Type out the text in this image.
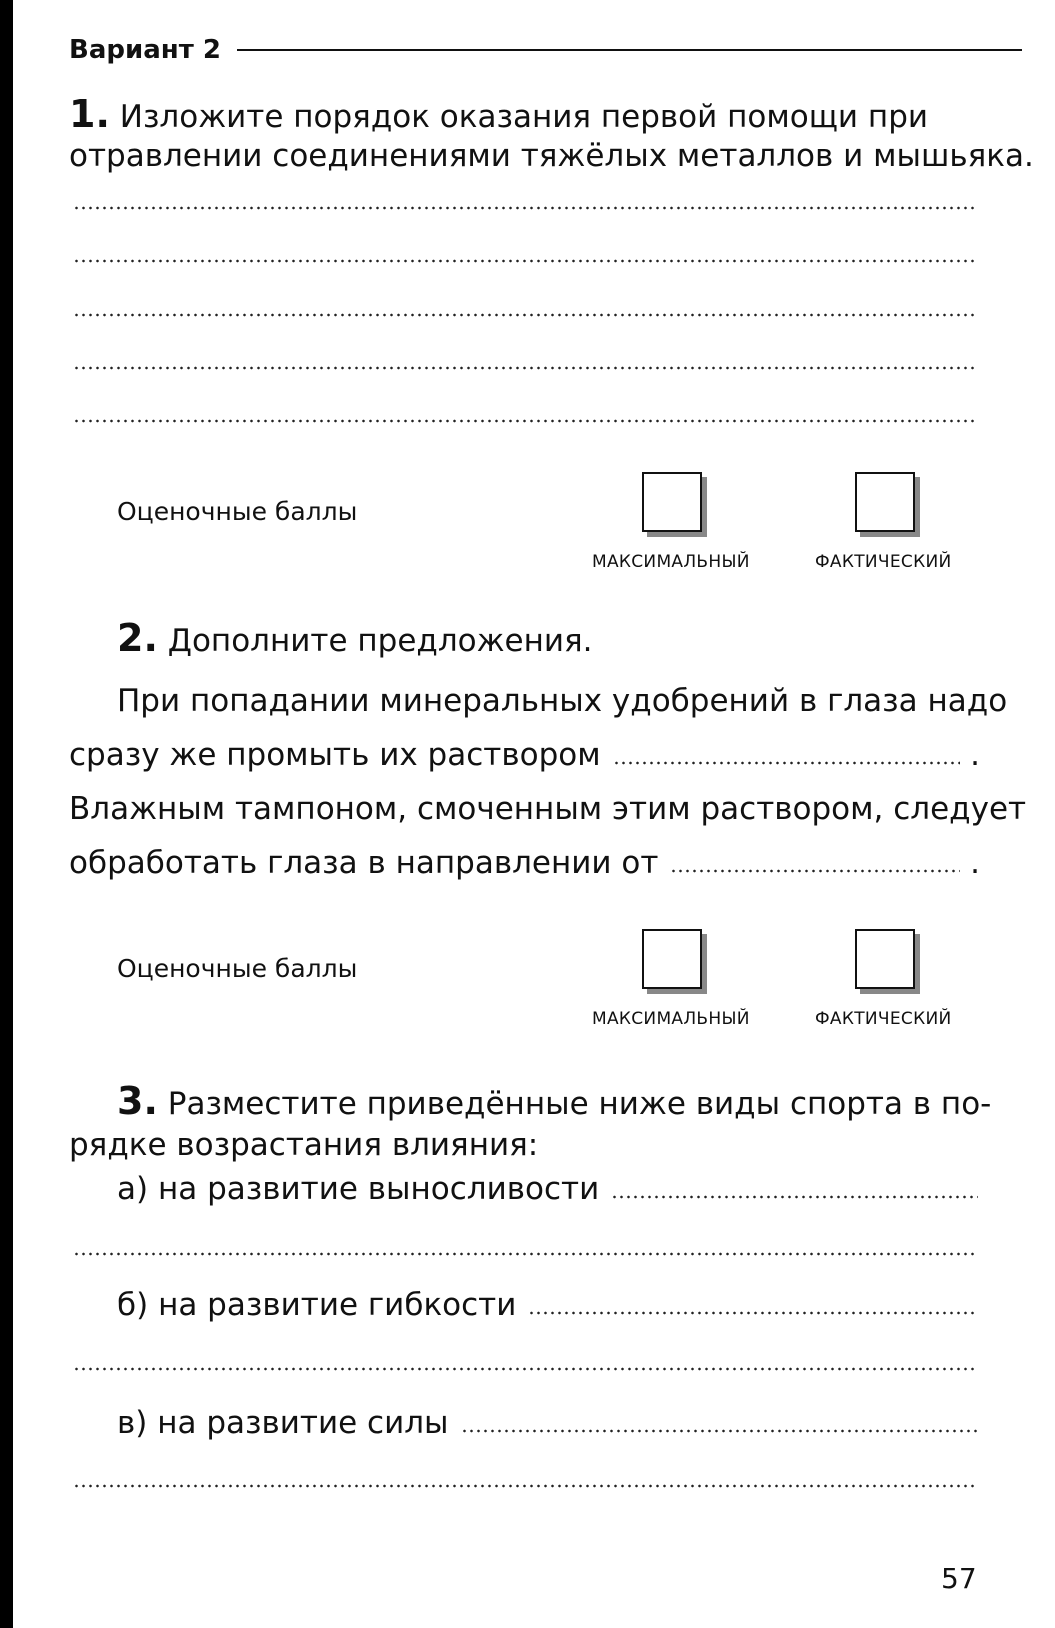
Вариант 2
1. Изложите порядок оказания первой помощи при
отравлении соединениями тяжёлых металлов и мышьяка.
Оценочные баллы
МАКСИМАЛЬНЫЙ	ФАКТИЧЕСКИЙ
2. Дополните предложения.
При попадании минеральных удобрений в глаза надо
сразу же промыть их раствором	.
Влажным тампоном, смоченным этим раствором, следует
обработать глаза в направлении от	.
Оценочные баллы
МАКСИМАЛЬНЫЙ	ФАКТИЧЕСКИЙ
3. Разместите приведённые ниже виды спорта в по-
рядке возрастания влияния:
а) на развитие выносливости
б) на развитие гибкости
в) на развитие силы
57
